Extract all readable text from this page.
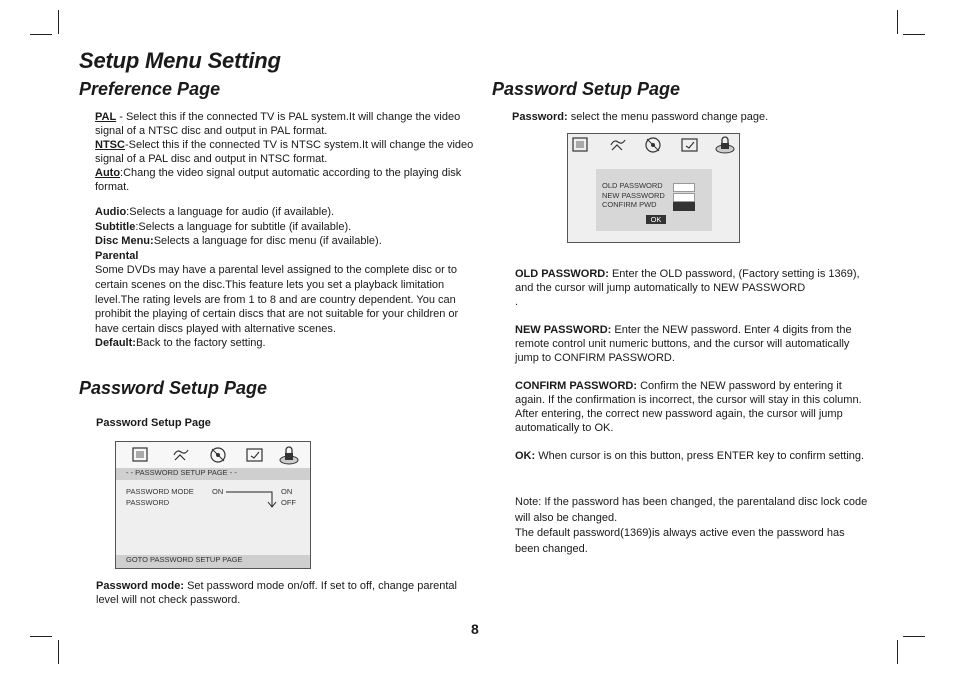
Setup Menu Setting
Preference Page

PAL - Select this if the connected TV is PAL system.It will change the video signal of a NTSC disc and output in PAL format.

NTSC-Select this if the connected TV is NTSC system.It will change the video signal of a PAL disc and output in NTSC format.

Auto:Chang the video signal output automatic according to the playing disk format.

Audio:Selects a language for audio (if available).

Subtitle:Selects a language for subtitle (if available).

Disc Menu:Selects a language for disc menu (if available).

Parental

Some DVDs may have a parental level assigned to the complete disc or to certain scenes on the disc.This feature lets you set a playback limitation level.The rating levels are from 1 to 8 and are country dependent. You can prohibit the playing of certain discs that are not suitable for your children or have certain discs played with alternative scenes.

Default:Back to the factory setting.

Password Setup Page
Password Setup Page
- - PASSWORD SETUP PAGE - -
PASSWORD MODE ON	ON
PASSWORD	OFF
GOTO PASSWORD SETUP PAGE
Password mode: Set password mode on/off. If set to off, change parental level will not check password.
Password Setup Page
Password: select the menu password change page.
OLD PASSWORD
NEW PASSWORD
CONFIRM PWD
OK
OLD PASSWORD: Enter the OLD password, (Factory setting is 1369), and the cursor will jump automatically to NEW PASSWORD

.

NEW PASSWORD: Enter the NEW password. Enter 4 digits from the remote control unit numeric buttons, and the cursor will automatically jump to CONFIRM PASSWORD.
CONFIRM PASSWORD: Confirm the NEW password by entering it again. If the confirmation is incorrect, the cursor will stay in this column. After entering, the correct new password again, the cursor will jump automatically to OK.
OK: When cursor is on this button, press ENTER key to confirm setting.

Note: If the password has been changed, the parentaland disc lock code will also be changed.

The default password(1369)is always active even the password has been changed.

8
